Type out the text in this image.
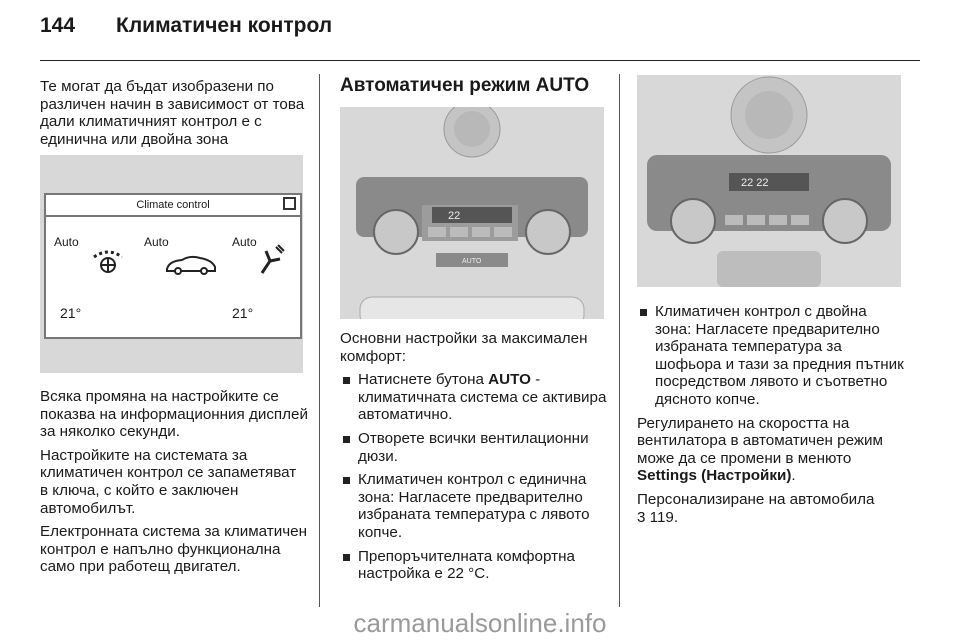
144 Климатичен контрол

Те могат да бъдат изобразени по различен начин в зависимост от това дали климатичният контрол е с единична или двойна зона

Climate control
Auto	Auto	Auto
21°	21°

Всяка промяна на настройките се показва на информационния дисплей за няколко секунди.

Настройките на системата за климатичен контрол се запаметяват в ключа, с който е заключен автомобилът.

Електронната система за климатичен контрол е напълно функционална само при работещ двигател.

Автоматичен режим AUTO
22
AUTO

Основни настройки за максимален комфорт:

Натиснете бутона AUTO - климатичната система се активира автоматично.
Отворете всички вентилационни дюзи.
Климатичен контрол с единична зона: Нагласете предварително избраната температура с лявото копче.
Препоръчителната комфортна настройка е 22 °C.
22 22
Климатичен контрол с двойна зона: Нагласете предварително избраната температура за шофьора и тази за предния пътник посредством лявото и съответно дясното копче.

Регулирането на скоростта на вентилатора в автоматичен режим може да се промени в менюто Settings (Настройки).

Персонализиране на автомобила
3 119.

carmanualsonline.info
